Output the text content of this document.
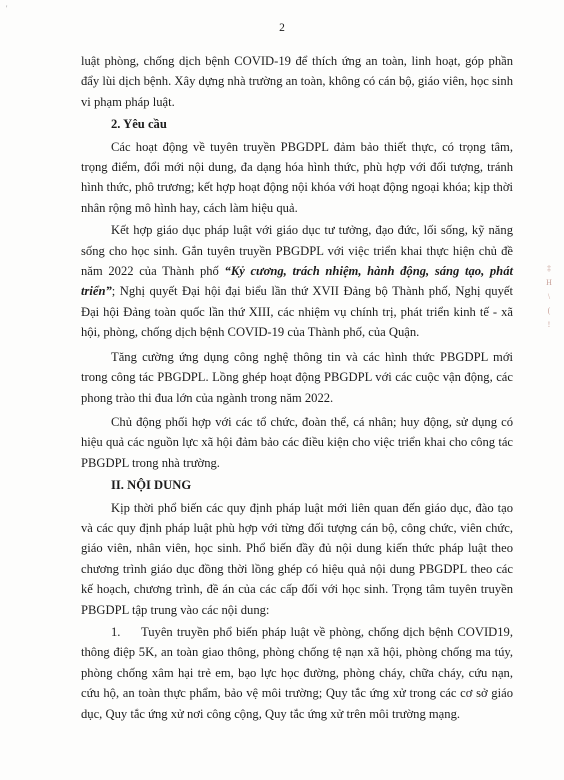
'
2

luật phòng, chống dịch bệnh COVID-19 để thích ứng an toàn, linh hoạt, góp phần đẩy lùi dịch bệnh. Xây dựng nhà trường an toàn, không có cán bộ, giáo viên, học sinh vi phạm pháp luật.

2. Yêu cầu

Các hoạt động về tuyên truyền PBGDPL đảm bảo thiết thực, có trọng tâm, trọng điểm, đổi mới nội dung, đa dạng hóa hình thức, phù hợp với đối tượng, tránh hình thức, phô trương; kết hợp hoạt động nội khóa với hoạt động ngoại khóa; kịp thời nhân rộng mô hình hay, cách làm hiệu quả.

Kết hợp giáo dục pháp luật với giáo dục tư tưởng, đạo đức, lối sống, kỹ năng sống cho học sinh. Gắn tuyên truyền PBGDPL với việc triển khai thực hiện chủ đề năm 2022 của Thành phố “Kỷ cương, trách nhiệm, hành động, sáng tạo, phát triển”; Nghị quyết Đại hội đại biểu lần thứ XVII Đảng bộ Thành phố, Nghị quyết Đại hội Đảng toàn quốc lần thứ XIII, các nhiệm vụ chính trị, phát triển kinh tế - xã hội, phòng, chống dịch bệnh COVID-19 của Thành phố, của Quận.

Tăng cường ứng dụng công nghệ thông tin và các hình thức PBGDPL mới trong công tác PBGDPL. Lồng ghép hoạt động PBGDPL với các cuộc vận động, các phong trào thi đua lớn của ngành trong năm 2022.

Chủ động phối hợp với các tổ chức, đoàn thể, cá nhân; huy động, sử dụng có hiệu quả các nguồn lực xã hội đảm bảo các điều kiện cho việc triển khai cho công tác PBGDPL trong nhà trường.

II. NỘI DUNG

Kịp thời phổ biến các quy định pháp luật mới liên quan đến giáo dục, đào tạo và các quy định pháp luật phù hợp với từng đối tượng cán bộ, công chức, viên chức, giáo viên, nhân viên, học sinh. Phổ biến đầy đủ nội dung kiến thức pháp luật theo chương trình giáo dục đồng thời lồng ghép có hiệu quả nội dung PBGDPL theo các kế hoạch, chương trình, đề án của các cấp đối với học sinh. Trọng tâm tuyên truyền PBGDPL tập trung vào các nội dung:

1. Tuyên truyền phổ biến pháp luật về phòng, chống dịch bệnh COVID19, thông điệp 5K, an toàn giao thông, phòng chống tệ nạn xã hội, phòng chống ma túy, phòng chống xâm hại trẻ em, bạo lực học đường, phòng cháy, chữa cháy, cứu nạn, cứu hộ, an toàn thực phẩm, bảo vệ môi trường; Quy tắc ứng xử trong các cơ sở giáo dục, Quy tắc ứng xử nơi công cộng, Quy tắc ứng xử trên môi trường mạng.

‡
H
\
(
!
